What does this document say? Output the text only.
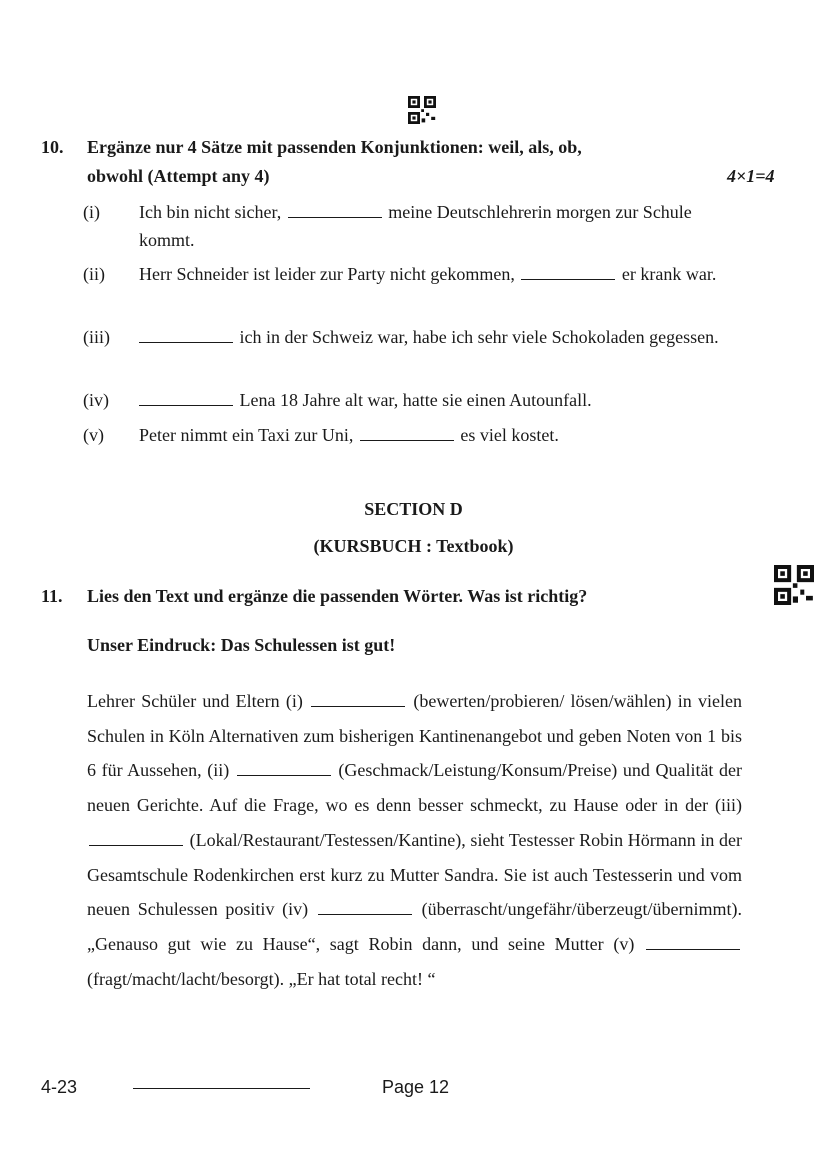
10. Ergänze nur 4 Sätze mit passenden Konjunktionen: weil, als, ob,
obwohl (Attempt any 4)	4×1=4
(i) Ich bin nicht sicher,	meine Deutschlehrerin morgen zur Schule kommt.
(ii) Herr Schneider ist leider zur Party nicht gekommen,	er krank war.
(iii)	ich in der Schweiz war, habe ich sehr viele Schokoladen gegessen.
(iv)	Lena 18 Jahre alt war, hatte sie einen Autounfall.
(v) Peter nimmt ein Taxi zur Uni,	es viel kostet.
SECTION D
(KURSBUCH : Textbook)
11. Lies den Text und ergänze die passenden Wörter. Was ist richtig?
Unser Eindruck: Das Schulessen ist gut!
Lehrer Schüler und Eltern (i)	(bewerten/probieren/ lösen/wählen) in vielen Schulen in Köln Alternativen zum bisherigen Kantinenangebot und geben Noten von 1 bis 6 für Aussehen, (ii)	(Geschmack/Leistung/Konsum/Preise) und Qualität der neuen Gerichte. Auf die Frage, wo es denn besser schmeckt, zu Hause oder in der (iii)  (Lokal/Restaurant/Testessen/Kantine), sieht Testesser Robin Hörmann in der Gesamtschule Rodenkirchen erst kurz zu Mutter Sandra. Sie ist auch Testesserin und vom neuen Schulessen positiv (iv)	(überrascht/ungefähr/überzeugt/übernimmt). „Genauso gut wie zu Hause“, sagt Robin dann, und seine Mutter (v)  (fragt/macht/lacht/besorgt). „Er hat total recht! “
4-23	Page 12
